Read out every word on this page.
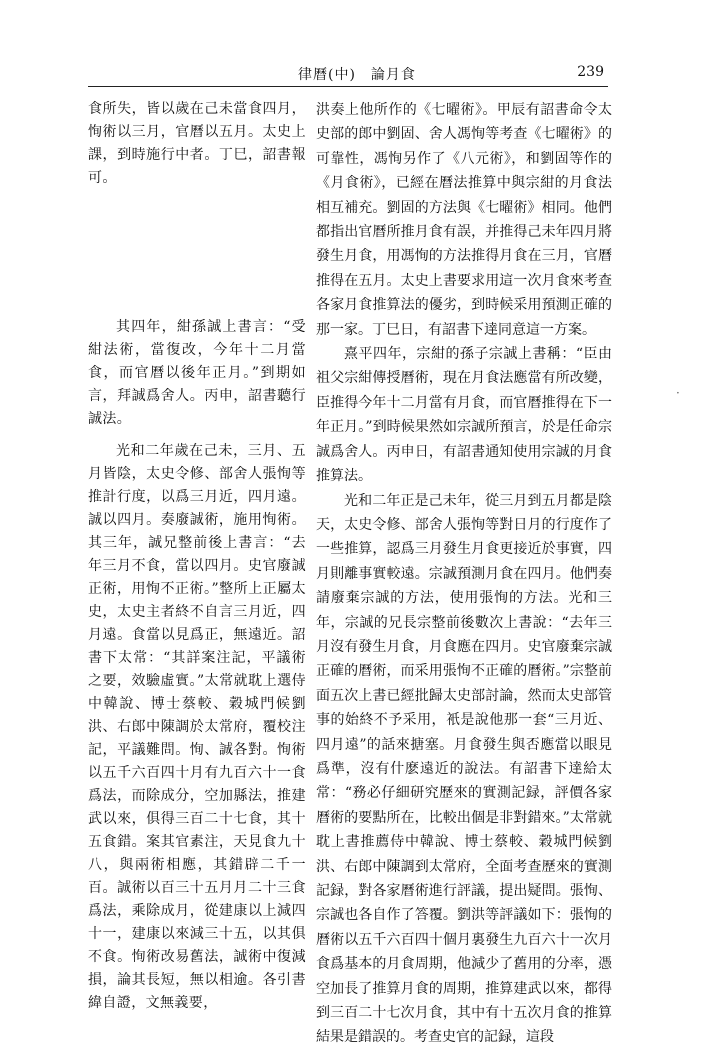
律曆(中)　論月食	239

食所失，皆以歲在己未當食四月，恂術以三月，官曆以五月。太史上課，到時施行中者。丁巳，詔書報可。

其四年，紺孫誠上書言：“受紺法術，當復改，今年十二月當食，而官曆以後年正月。”到期如言，拜誠爲舍人。丙申，詔書聽行誠法。

光和二年歲在己未，三月、五月皆陰，太史令修、部舍人張恂等推計行度，以爲三月近，四月遠。誠以四月。奏廢誠術，施用恂術。其三年，誠兄整前後上書言：“去年三月不食，當以四月。史官廢誠正術，用恂不正術。”整所上正屬太史，太史主者終不自言三月近，四月遠。食當以見爲正，無遠近。詔書下太常：“其詳案注記，平議術之要，效驗虛實。”太常就耽上選侍中韓說、博士蔡較、穀城門候劉洪、右郎中陳調於太常府，覆校注記，平議難問。恂、誠各對。恂術以五千六百四十月有九百六十一食爲法，而除成分，空加縣法，推建武以來，俱得三百二十七食，其十五食錯。案其官素注，天見食九十八，與兩術相應，其錯辟二千一百。誠術以百三十五月月二十三食爲法，乘除成月，從建康以上減四十一，建康以來減三十五，以其俱不食。恂術改易舊法，誠術中復減損，論其長短，無以相逾。各引書緯自證，文無義要，

洪奏上他所作的《七曜術》。甲辰有詔書命令太史部的郎中劉固、舍人馮恂等考查《七曜術》的可靠性，馮恂另作了《八元術》，和劉固等作的《月食術》，已經在曆法推算中與宗紺的月食法相互補充。劉固的方法與《七曜術》相同。他們都指出官曆所推月食有誤，并推得己未年四月將發生月食，用馮恂的方法推得月食在三月，官曆推得在五月。太史上書要求用這一次月食來考查各家月食推算法的優劣，到時候采用預測正確的那一家。丁巳日，有詔書下達同意這一方案。

熹平四年，宗紺的孫子宗誠上書稱：“臣由祖父宗紺傳授曆術，現在月食法應當有所改變，臣推得今年十二月當有月食，而官曆推得在下一年正月。”到時候果然如宗誠所預言，於是任命宗誠爲舍人。丙申日，有詔書通知使用宗誠的月食推算法。

光和二年正是己未年，從三月到五月都是陰天，太史令修、部舍人張恂等對日月的行度作了一些推算，認爲三月發生月食更接近於事實，四月則離事實較遠。宗誠預測月食在四月。他們奏請廢棄宗誠的方法，使用張恂的方法。光和三年，宗誠的兄長宗整前後數次上書說：“去年三月沒有發生月食，月食應在四月。史官廢棄宗誠正確的曆術，而采用張恂不正確的曆術。”宗整前面五次上書已經批歸太史部討論，然而太史部管事的始終不予采用，衹是說他那一套“三月近、四月遠”的話來搪塞。月食發生與否應當以眼見爲準，沒有什麽遠近的說法。有詔書下達給太常：“務必仔細研究歷來的實測記録，評價各家曆術的要點所在，比較出個是非對錯來。”太常就耽上書推薦侍中韓說、博士蔡較、穀城門候劉洪、右郎中陳調到太常府，全面考查歷來的實測記録，對各家曆術進行評議，提出疑問。張恂、宗誠也各自作了答覆。劉洪等評議如下：張恂的曆術以五千六百四十個月裏發生九百六十一次月食爲基本的月食周期，他減少了舊用的分率，憑空加長了推算月食的周期，推算建武以來，都得到三百二十七次月食，其中有十五次月食的推算結果是錯誤的。考查史官的記録，這段

·
